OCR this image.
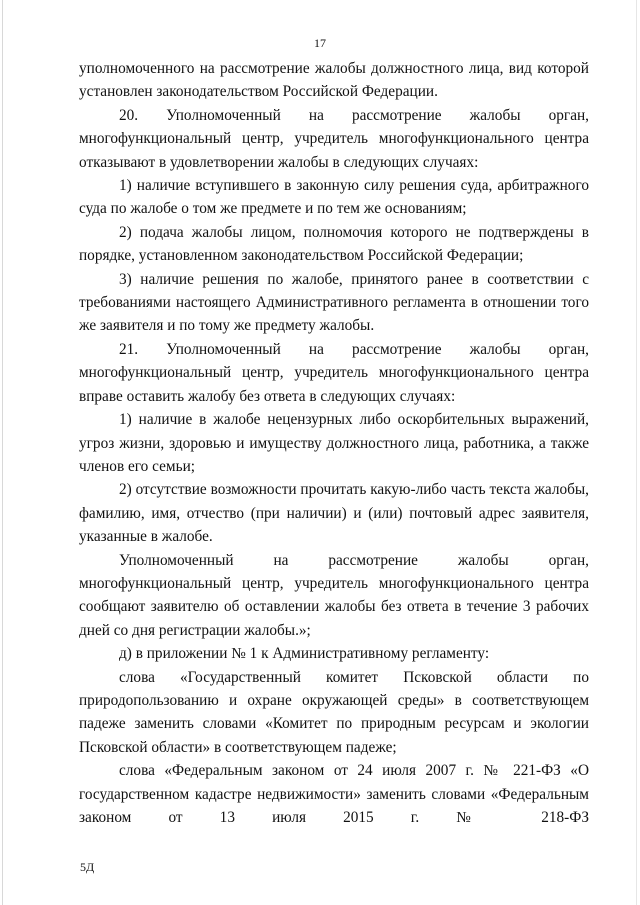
17

уполномоченного на рассмотрение жалобы должностного лица, вид которой установлен законодательством Российской Федерации.

20. Уполномоченный на рассмотрение жалобы орган, многофункциональный центр, учредитель многофункционального центра отказывают в удовлетворении жалобы в следующих случаях:

1) наличие вступившего в законную силу решения суда, арбитражного суда по жалобе о том же предмете и по тем же основаниям;

2) подача жалобы лицом, полномочия которого не подтверждены в порядке, установленном законодательством Российской Федерации;

3) наличие решения по жалобе, принятого ранее в соответствии с требованиями настоящего Административного регламента в отношении того же заявителя и по тому же предмету жалобы.

21. Уполномоченный на рассмотрение жалобы орган, многофункциональный центр, учредитель многофункционального центра вправе оставить жалобу без ответа в следующих случаях:

1) наличие в жалобе нецензурных либо оскорбительных выражений, угроз жизни, здоровью и имуществу должностного лица, работника, а также членов его семьи;

2) отсутствие возможности прочитать какую-либо часть текста жалобы, фамилию, имя, отчество (при наличии) и (или) почтовый адрес заявителя, указанные в жалобе.

Уполномоченный на рассмотрение жалобы орган, многофункциональный центр, учредитель многофункционального центра сообщают заявителю об оставлении жалобы без ответа в течение 3 рабочих дней со дня регистрации жалобы.»;

д) в приложении № 1 к Административному регламенту:

слова «Государственный комитет Псковской области по природопользованию и охране окружающей среды» в соответствующем падеже заменить словами «Комитет по природным ресурсам и экологии Псковской области» в соответствующем падеже;

слова «Федеральным законом от 24 июля 2007 г. № 221-ФЗ «О государственном кадастре недвижимости» заменить словами «Федеральным законом от 13 июля 2015 г. № 218-ФЗ

5Д
